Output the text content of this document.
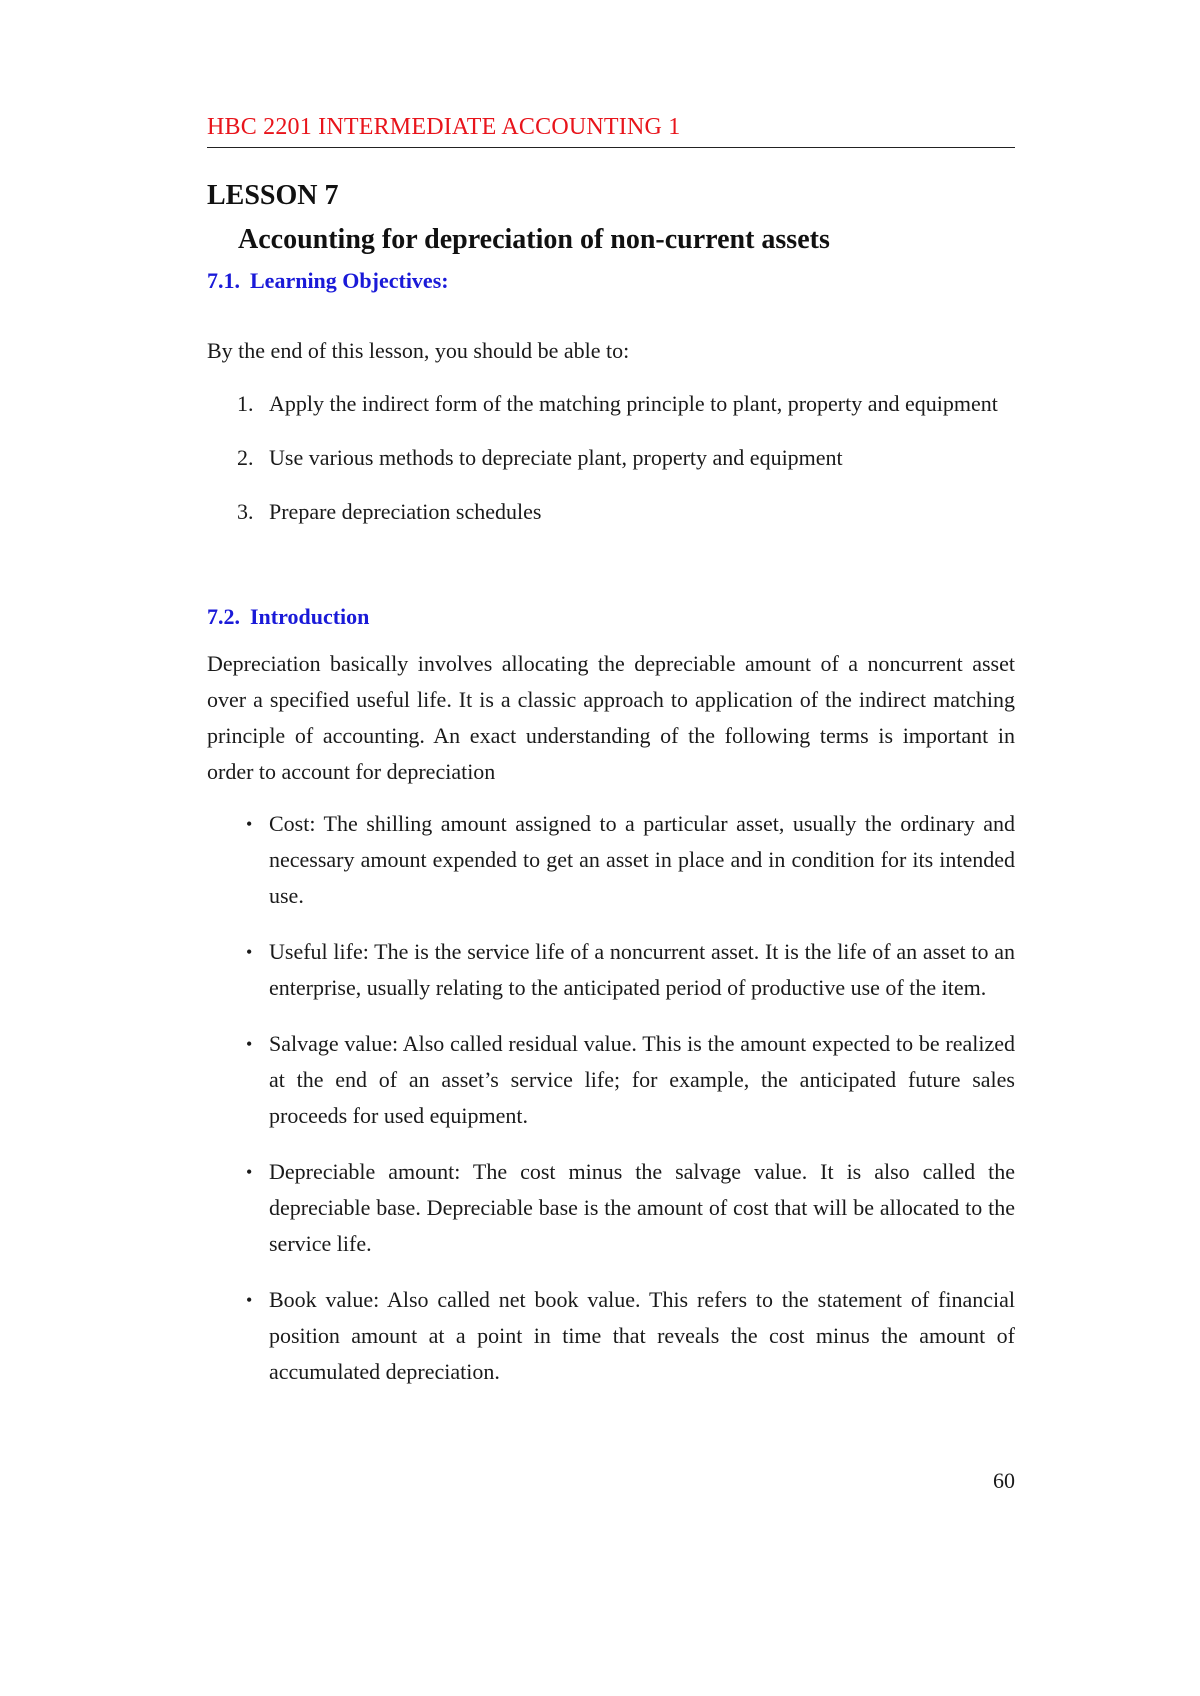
HBC 2201 INTERMEDIATE ACCOUNTING 1
LESSON 7
Accounting for depreciation of non-current assets
7.1. Learning Objectives:
By the end of this lesson, you should be able to:
1. Apply the indirect form of the matching principle to plant, property and equipment
2. Use various methods to depreciate plant, property and equipment
3. Prepare depreciation schedules
7.2. Introduction
Depreciation basically involves allocating the depreciable amount of a noncurrent asset over a specified useful life. It is a classic approach to application of the indirect matching principle of accounting. An exact understanding of the following terms is important in order to account for depreciation
• Cost: The shilling amount assigned to a particular asset, usually the ordinary and necessary amount expended to get an asset in place and in condition for its intended use.
• Useful life: The is the service life of a noncurrent asset. It is the life of an asset to an enterprise, usually relating to the anticipated period of productive use of the item.
• Salvage value: Also called residual value. This is the amount expected to be realized at the end of an asset’s service life; for example, the anticipated future sales proceeds for used equipment.
• Depreciable amount: The cost minus the salvage value. It is also called the depreciable base. Depreciable base is the amount of cost that will be allocated to the service life.
• Book value: Also called net book value. This refers to the statement of financial position amount at a point in time that reveals the cost minus the amount of accumulated depreciation.
60
